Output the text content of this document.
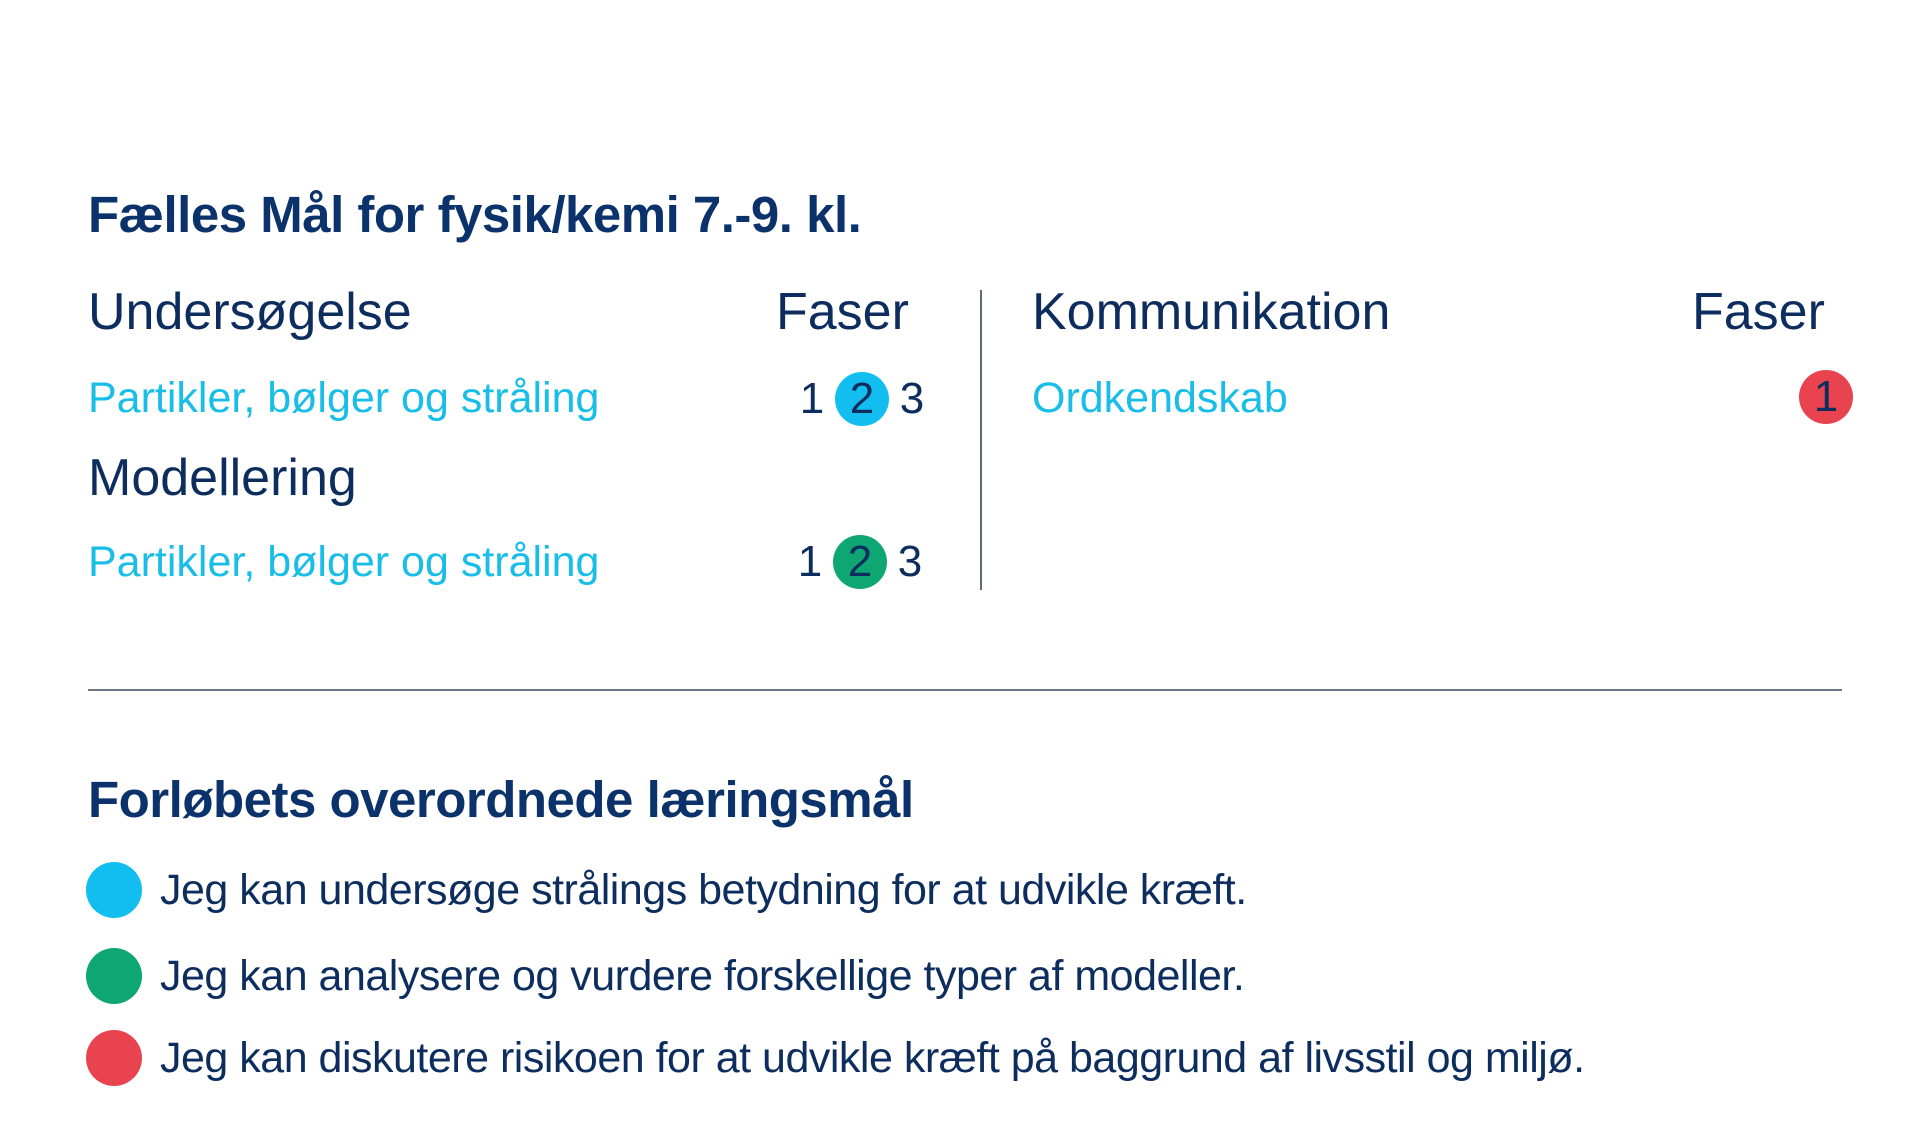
Fælles Mål for fysik/kemi 7.-9. kl.
Undersøgelse	Faser
Partikler, bølger og stråling	1 2 3
Modellering
Partikler, bølger og stråling	1 2 3
Kommunikation	Faser
Ordkendskab	1
Forløbets overordnede læringsmål
Jeg kan undersøge strålings betydning for at udvikle kræft.
Jeg kan analysere og vurdere forskellige typer af modeller.
Jeg kan diskutere risikoen for at udvikle kræft på baggrund af livsstil og miljø.
